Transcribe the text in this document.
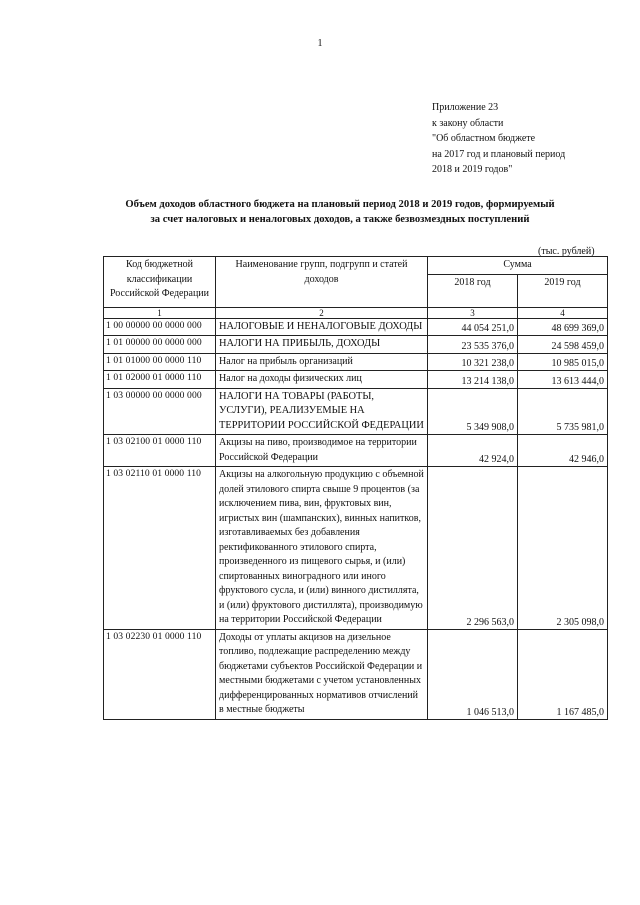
1
Приложение 23
к закону области
"Об областном бюджете
на 2017 год и плановый период
2018 и 2019 годов"
Объем доходов областного бюджета на плановый период 2018 и 2019 годов, формируемый
за счет налоговых и неналоговых доходов, а также безвозмездных поступлений
(тыс. рублей)
Код бюджетной классификации Российской Федерации	Наименование групп, подгрупп и статей доходов	Сумма	
		2018 год	2019 год
1	2	3	4
1 00 00000 00 0000 000	НАЛОГОВЫЕ И НЕНАЛОГОВЫЕ ДОХОДЫ	44 054 251,0	48 699 369,0
1 01 00000 00 0000 000	НАЛОГИ НА ПРИБЫЛЬ, ДОХОДЫ	23 535 376,0	24 598 459,0
1 01 01000 00 0000 110	Налог на прибыль организаций	10 321 238,0	10 985 015,0
1 01 02000 01 0000 110	Налог на доходы физических лиц	13 214 138,0	13 613 444,0
1 03 00000 00 0000 000	НАЛОГИ НА ТОВАРЫ (РАБОТЫ, УСЛУГИ), РЕАЛИЗУЕМЫЕ НА ТЕРРИТОРИИ РОССИЙСКОЙ ФЕДЕРАЦИИ	5 349 908,0	5 735 981,0
1 03 02100 01 0000 110	Акцизы на пиво, производимое на территории Российской Федерации	42 924,0	42 946,0
1 03 02110 01 0000 110	Акцизы на алкогольную продукцию с объемной долей этилового спирта свыше 9 процентов (за исключением пива, вин, фруктовых вин, игристых вин (шампанских), винных напитков, изготавливаемых без добавления ректификованного этилового спирта, произведенного из пищевого сырья, и (или) спиртованных виноградного или иного фруктового сусла, и (или) винного дистиллята, и (или) фруктового дистиллята), производимую на территории Российской Федерации	2 296 563,0	2 305 098,0
1 03 02230 01 0000 110	Доходы от уплаты акцизов на дизельное топливо, подлежащие распределению между бюджетами субъектов Российской Федерации и местными бюджетами с учетом установленных дифференцированных нормативов отчислений в местные бюджеты	1 046 513,0	1 167 485,0
